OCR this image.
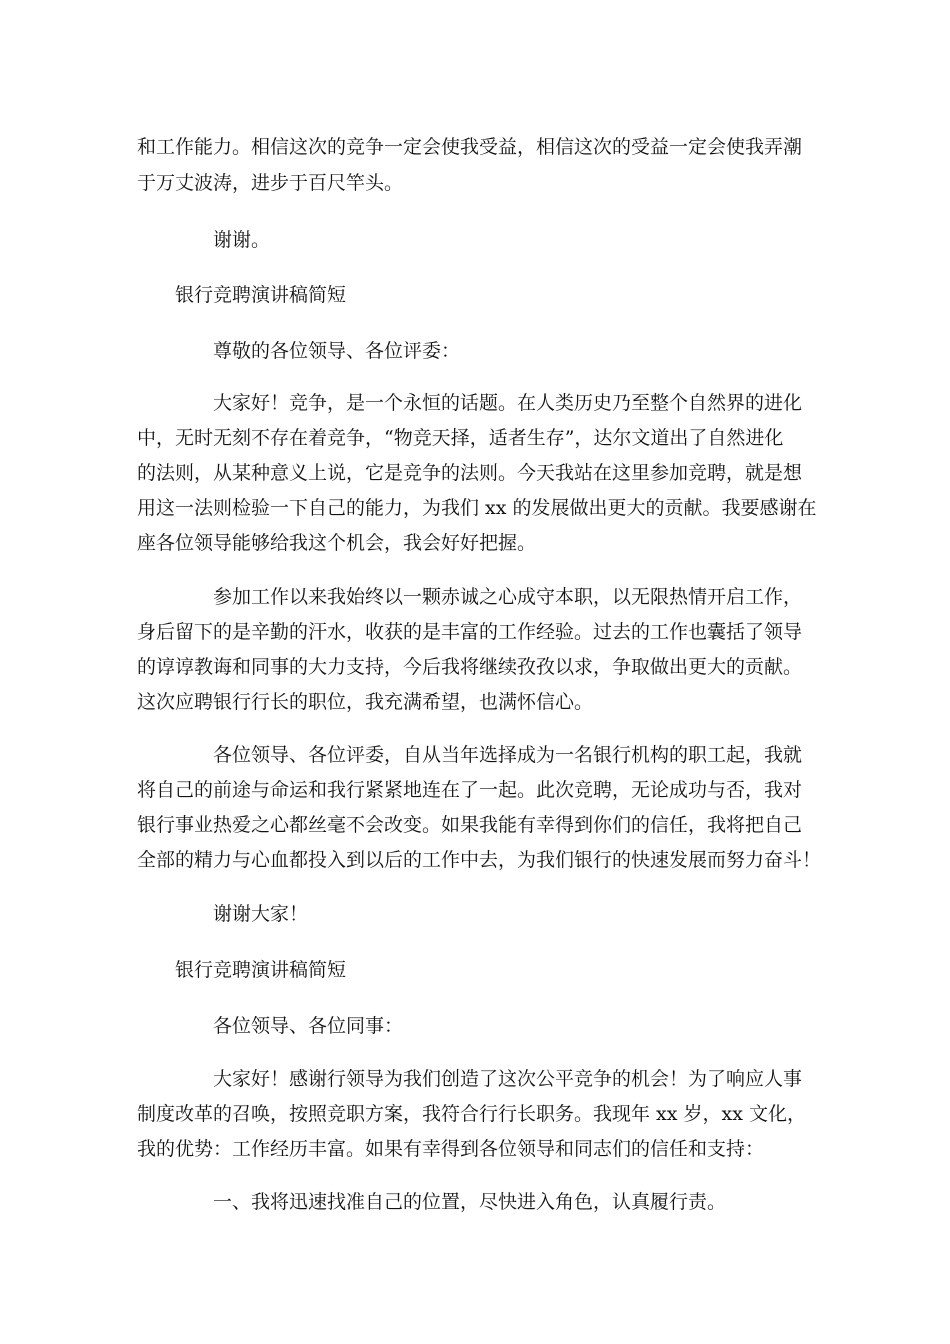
和工作能力。相信这次的竞争一定会使我受益，相信这次的受益一定会使我弄潮
于万丈波涛，进步于百尺竿头。
谢谢。
银行竞聘演讲稿简短
尊敬的各位领导、各位评委：
大家好！竞争，是一个永恒的话题。在人类历史乃至整个自然界的进化
中，无时无刻不存在着竞争，“物竞天择，适者生存”，达尔文道出了自然进化
的法则，从某种意义上说，它是竞争的法则。今天我站在这里参加竞聘，就是想
用这一法则检验一下自己的能力，为我们 xx 的发展做出更大的贡献。我要感谢在
座各位领导能够给我这个机会，我会好好把握。
参加工作以来我始终以一颗赤诚之心成守本职，以无限热情开启工作，
身后留下的是辛勤的汗水，收获的是丰富的工作经验。过去的工作也囊括了领导
的谆谆教诲和同事的大力支持，今后我将继续孜孜以求，争取做出更大的贡献。
这次应聘银行行长的职位，我充满希望，也满怀信心。
各位领导、各位评委，自从当年选择成为一名银行机构的职工起，我就
将自己的前途与命运和我行紧紧地连在了一起。此次竞聘，无论成功与否，我对
银行事业热爱之心都丝毫不会改变。如果我能有幸得到你们的信任，我将把自己
全部的精力与心血都投入到以后的工作中去，为我们银行的快速发展而努力奋斗！
谢谢大家！
银行竞聘演讲稿简短
各位领导、各位同事：
大家好！感谢行领导为我们创造了这次公平竞争的机会！为了响应人事
制度改革的召唤，按照竞职方案，我符合行行长职务。我现年 xx 岁，xx 文化，
我的优势：工作经历丰富。如果有幸得到各位领导和同志们的信任和支持：
一、我将迅速找准自己的位置，尽快进入角色，认真履行责。
